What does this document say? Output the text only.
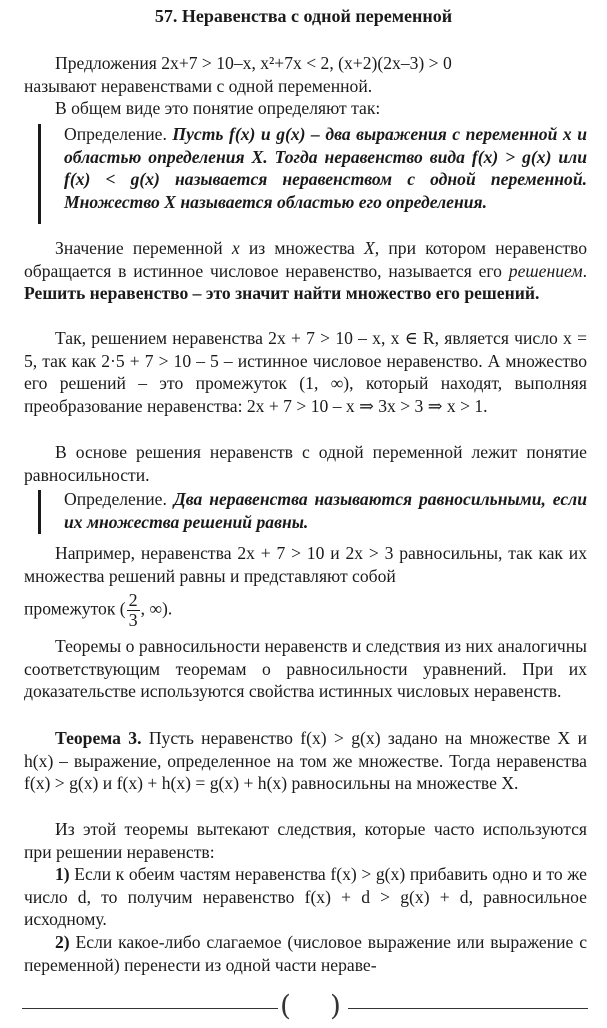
57. Неравенства с одной переменной

Предложения 2x+7 > 10–x, x²+7x < 2, (x+2)(2x–3) > 0

называют неравенствами с одной переменной.

В общем виде это понятие определяют так:

Определение. Пусть f(x) и g(x) – два выражения с переменной x и областью определения X. Тогда неравенство вида f(x) > g(x) или f(x) < g(x) называется неравенством с одной переменной. Множество X называется областью его определения.

Значение переменной x из множества X, при котором неравенство обращается в истинное числовое неравенство, называется его решением. Решить неравенство – это значит найти множество его решений.

Так, решением неравенства 2x + 7 > 10 – x, x ∈ R, является число x = 5, так как 2·5 + 7 > 10 – 5 – истинное числовое неравенство. А множество его решений – это промежуток (1, ∞), который находят, выполняя преобразование неравенства: 2x + 7 > 10 – x ⇒ 3x > 3 ⇒ x > 1.

В основе решения неравенств с одной переменной лежит понятие равносильности.

Определение. Два неравенства называются равносильными, если их множества решений равны.

Например, неравенства 2x + 7 > 10 и 2x > 3 равносильны, так как их множества решений равны и представляют собой

промежуток ( $\frac{2}{3}$ , ∞).

Теоремы о равносильности неравенств и следствия из них аналогичны соответствующим теоремам о равносильности уравнений. При их доказательстве используются свойства истинных числовых неравенств.

Теорема 3. Пусть неравенство f(x) > g(x) задано на множестве X и h(x) – выражение, определенное на том же множестве. Тогда неравенства f(x) > g(x) и f(x) + h(x) = g(x) + h(x) равносильны на множестве X.

Из этой теоремы вытекают следствия, которые часто используются при решении неравенств:

1) Если к обеим частям неравенства f(x) > g(x) прибавить одно и то же число d, то получим неравенство f(x) + d > g(x) + d, равносильное исходному.

2) Если какое-либо слагаемое (числовое выражение или выражение с переменной) перенести из одной части нераве-

( )
